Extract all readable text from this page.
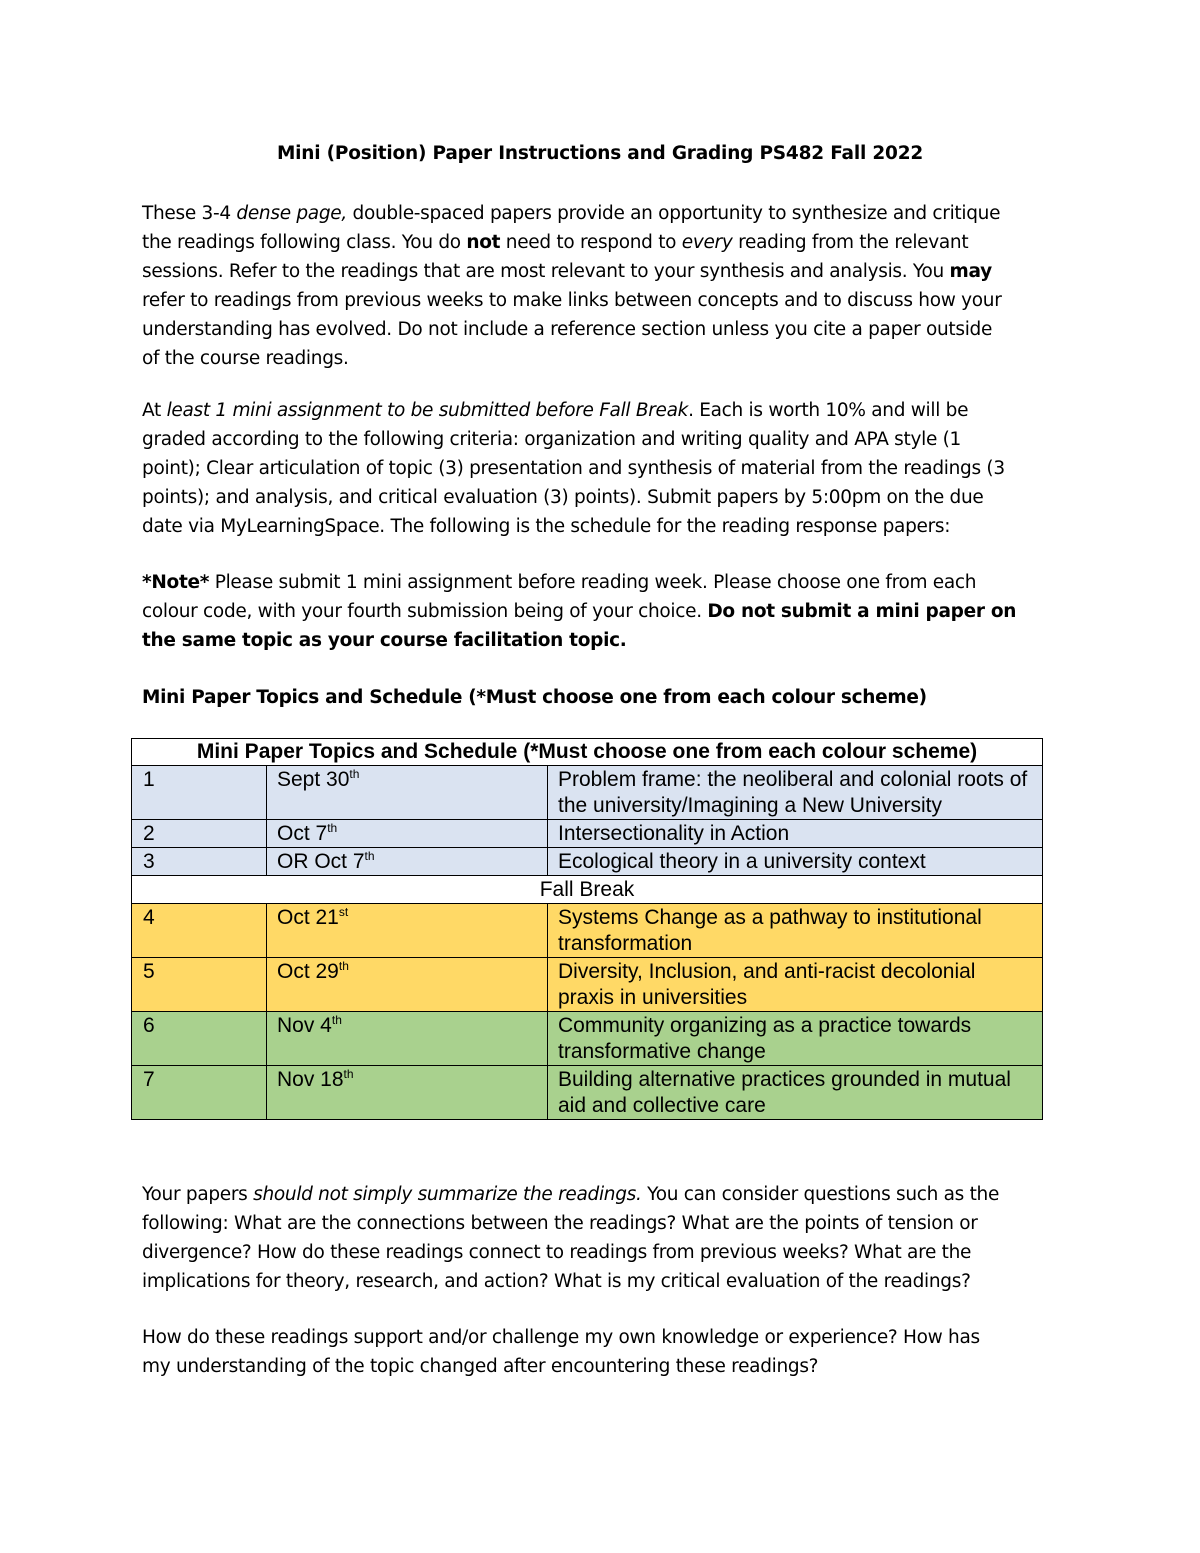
Mini (Position) Paper Instructions and Grading PS482 Fall 2022
These 3-4 dense page, double-spaced papers provide an opportunity to synthesize and critique
the readings following class. You do not need to respond to every reading from the relevant
sessions. Refer to the readings that are most relevant to your synthesis and analysis. You may
refer to readings from previous weeks to make links between concepts and to discuss how your
understanding has evolved. Do not include a reference section unless you cite a paper outside
of the course readings.
At least 1 mini assignment to be submitted before Fall Break. Each is worth 10% and will be
graded according to the following criteria: organization and writing quality and APA style (1
point); Clear articulation of topic (3) presentation and synthesis of material from the readings (3
points); and analysis, and critical evaluation (3) points). Submit papers by 5:00pm on the due
date via MyLearningSpace. The following is the schedule for the reading response papers:
*Note* Please submit 1 mini assignment before reading week. Please choose one from each
colour code, with your fourth submission being of your choice. Do not submit a mini paper on
the same topic as your course facilitation topic.
Mini Paper Topics and Schedule (*Must choose one from each colour scheme)
Mini Paper Topics and Schedule (*Must choose one from each colour scheme)		
1	Sept 30th	Problem frame: the neoliberal and colonial roots of the university/Imagining a New University
2	Oct 7th	Intersectionality in Action
3	OR Oct 7th	Ecological theory in a university context
Fall Break		
4	Oct 21st	Systems Change as a pathway to institutional transformation
5	Oct 29th	Diversity, Inclusion, and anti-racist decolonial praxis in universities
6	Nov 4th	Community organizing as a practice towards transformative change
7	Nov 18th	Building alternative practices grounded in mutual aid and collective care
Your papers should not simply summarize the readings. You can consider questions such as the
following: What are the connections between the readings? What are the points of tension or
divergence? How do these readings connect to readings from previous weeks? What are the
implications for theory, research, and action? What is my critical evaluation of the readings?
How do these readings support and/or challenge my own knowledge or experience? How has
my understanding of the topic changed after encountering these readings?
